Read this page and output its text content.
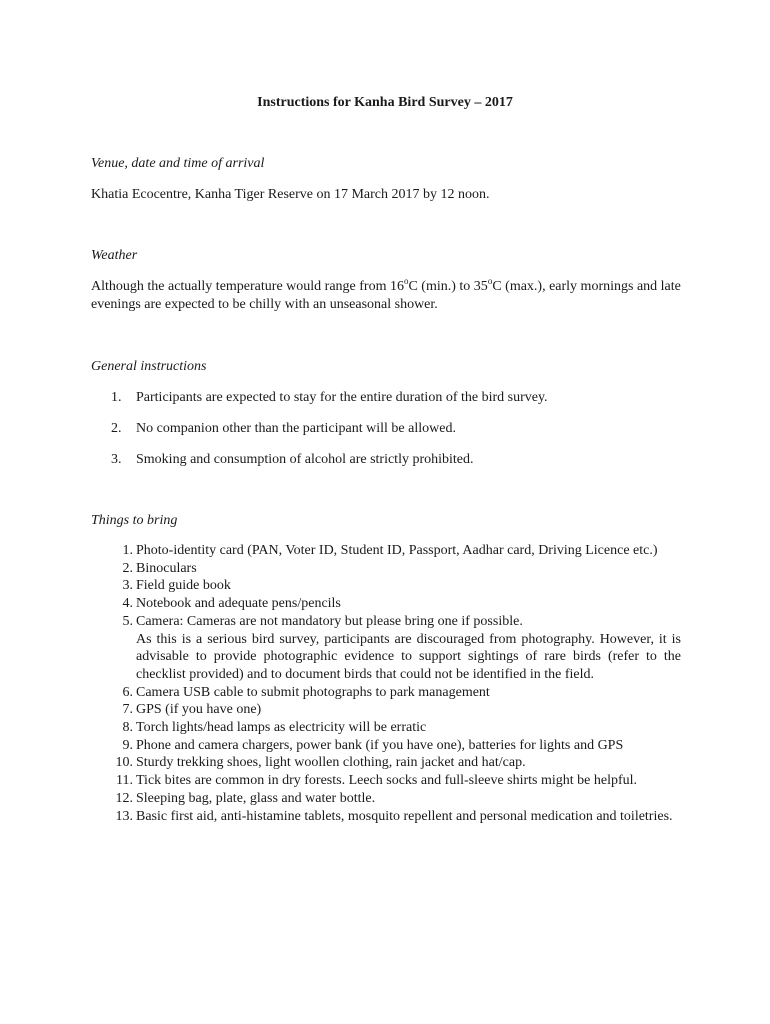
Instructions for Kanha Bird Survey – 2017
Venue, date and time of arrival
Khatia Ecocentre, Kanha Tiger Reserve on 17 March 2017 by 12 noon.
Weather
Although the actually temperature would range from 16$^o$C (min.) to 35$^o$C (max.), early mornings and late evenings are expected to be chilly with an unseasonal shower.
General instructions
1.	Participants are expected to stay for the entire duration of the bird survey.
2.	No companion other than the participant will be allowed.
3.	Smoking and consumption of alcohol are strictly prohibited.
Things to bring
1. Photo-identity card (PAN, Voter ID, Student ID, Passport, Aadhar card, Driving Licence etc.)
2. Binoculars
3. Field guide book
4. Notebook and adequate pens/pencils
5. Camera: Cameras are not mandatory but please bring one if possible.
As this is a serious bird survey, participants are discouraged from photography. However, it is advisable to provide photographic evidence to support sightings of rare birds (refer to the checklist provided) and to document birds that could not be identified in the field.
6. Camera USB cable to submit photographs to park management
7. GPS (if you have one)
8. Torch lights/head lamps as electricity will be erratic
9. Phone and camera chargers, power bank (if you have one), batteries for lights and GPS
10. Sturdy trekking shoes, light woollen clothing, rain jacket and hat/cap.
11. Tick bites are common in dry forests. Leech socks and full-sleeve shirts might be helpful.
12. Sleeping bag, plate, glass and water bottle.
13. Basic first aid, anti-histamine tablets, mosquito repellent and personal medication and toiletries.
